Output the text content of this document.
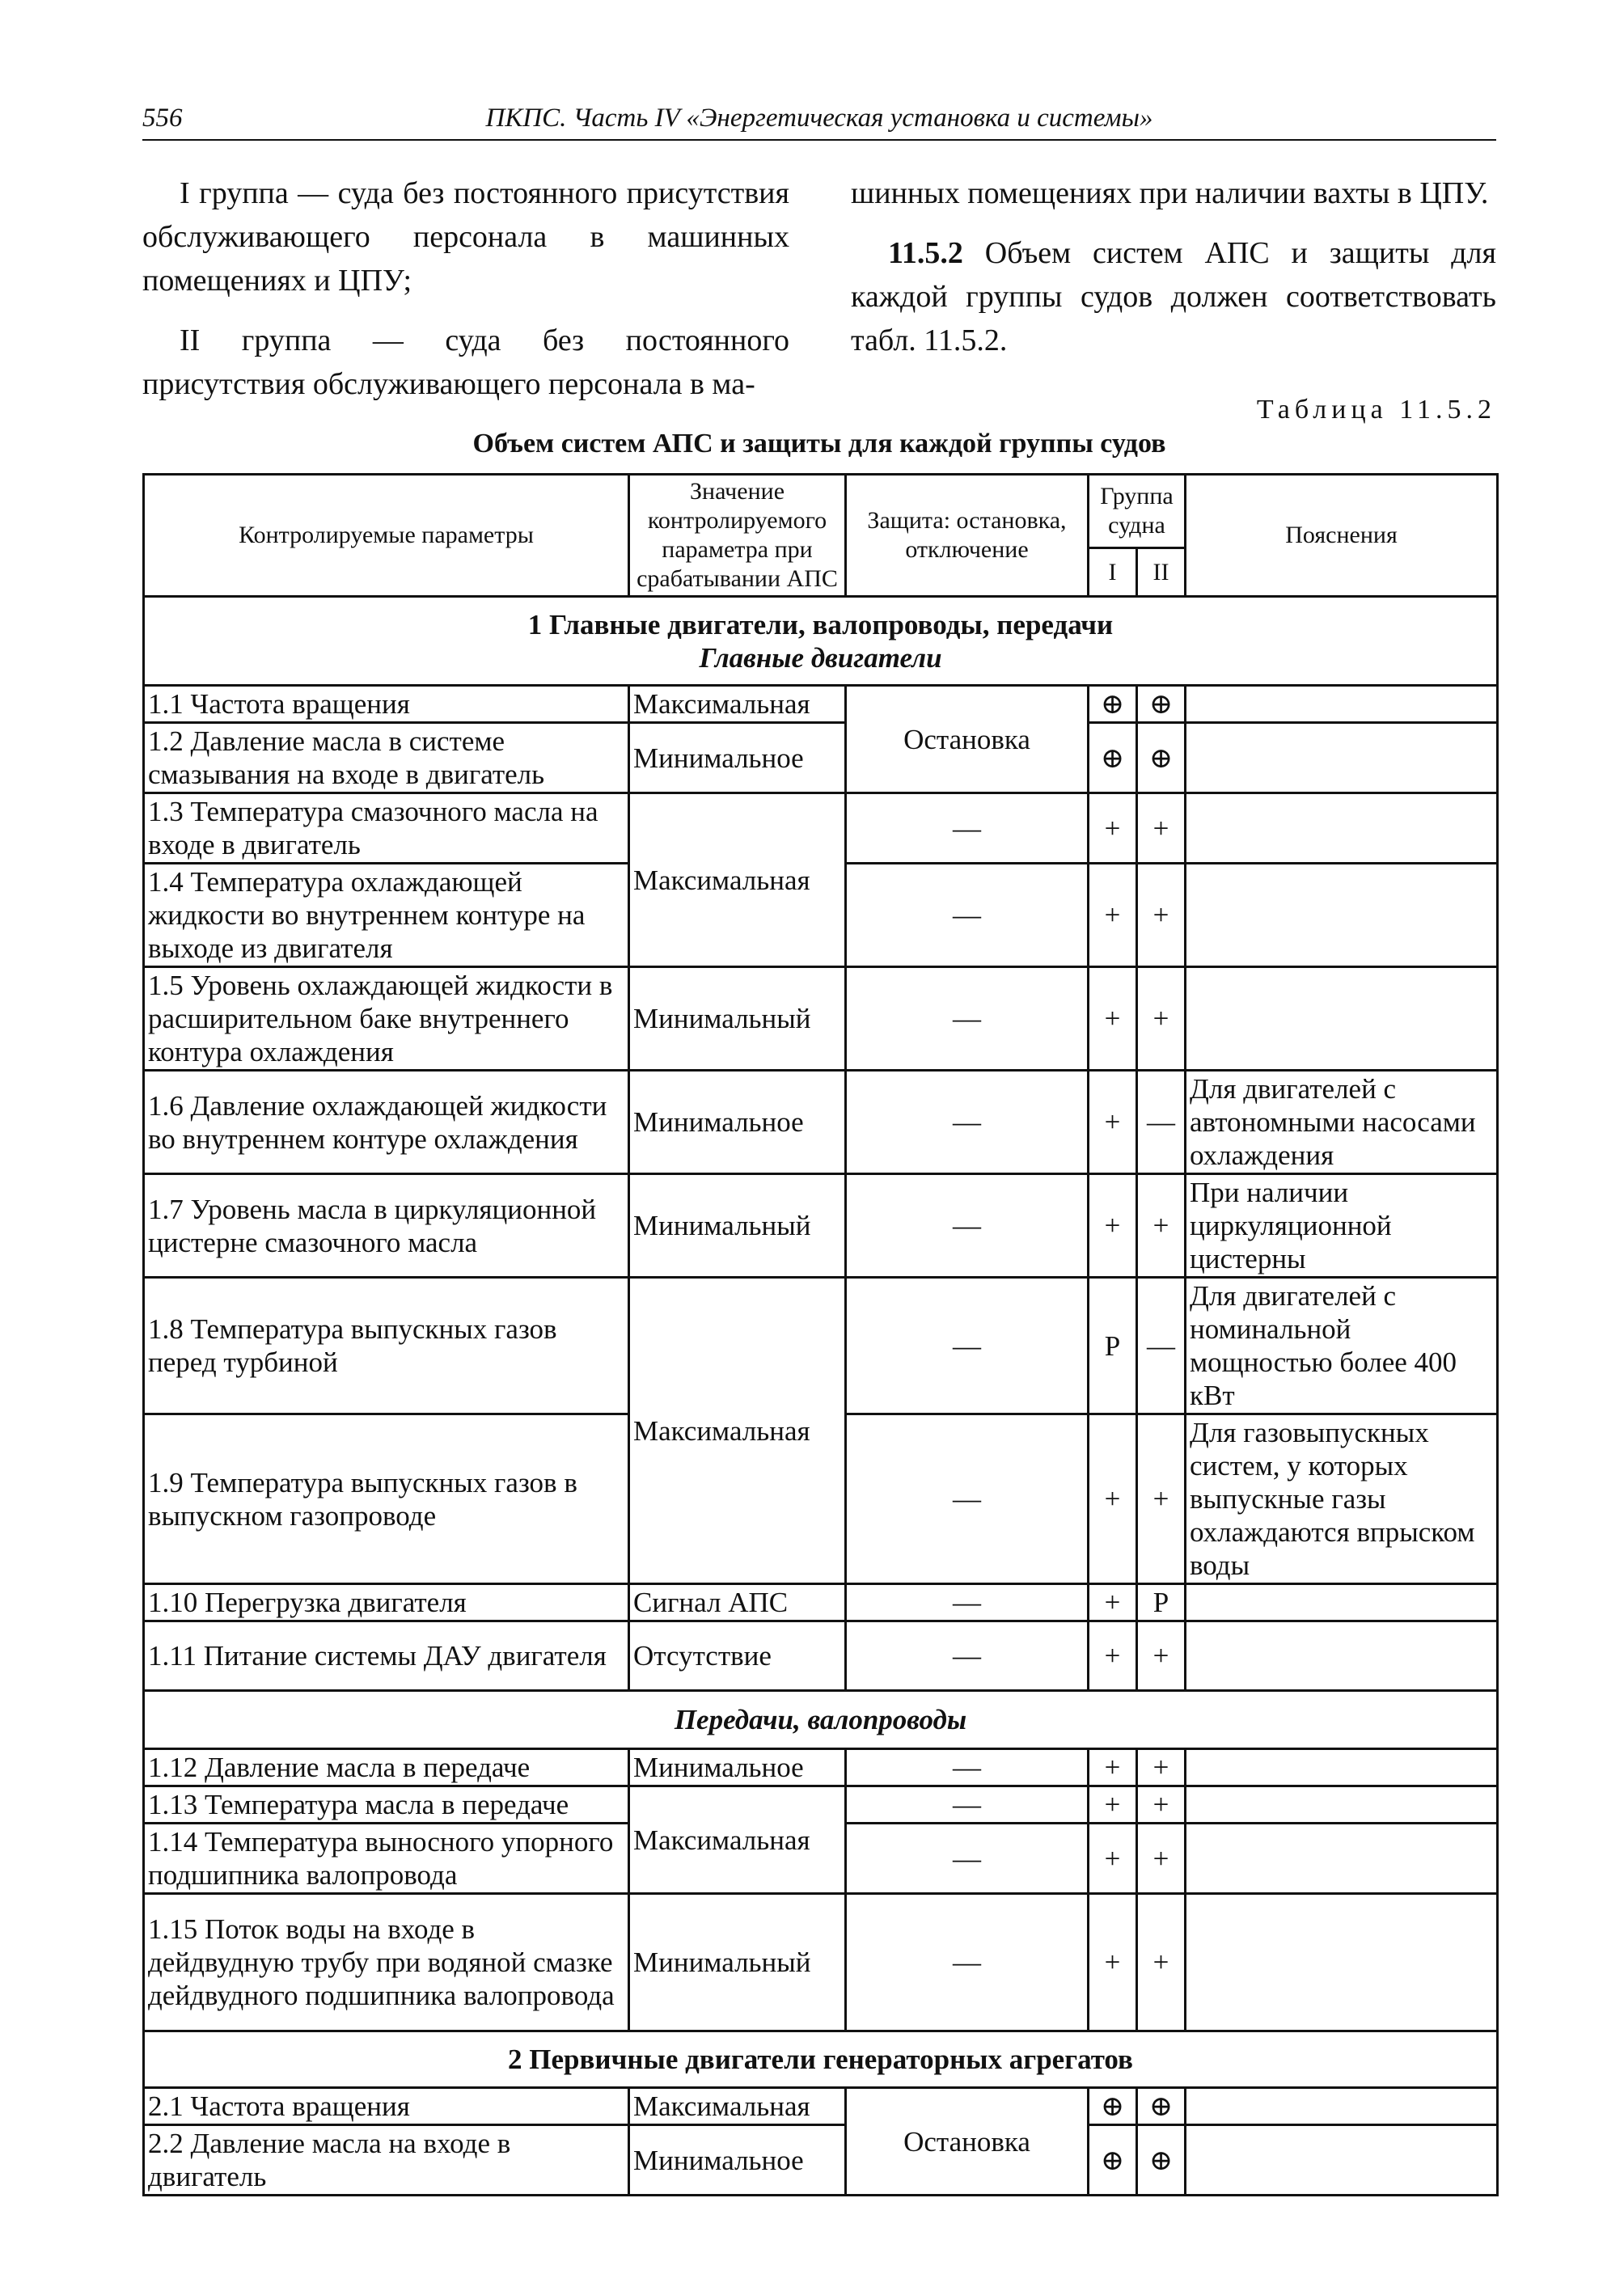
556	ПКПС. Часть IV «Энергетическая установка и системы»

I группа — суда без постоянного присутствия обслуживающего персонала в машинных помещениях и ЦПУ;

II группа — суда без постоянного присутствия обслуживающего персонала в ма-

шинных помещениях при наличии вахты в ЦПУ.

11.5.2 Объем систем АПС и защиты для каждой группы судов должен соответствовать табл. 11.5.2.

Таблица 11.5.2
Объем систем АПС и защиты для каждой группы судов
Контролируемые параметры	Значение контролируемого параметра при срабатывании АПС	Защита: остановка, отключение	Группа судна		Пояснения
			I	II	

1 Главные двигатели, валопроводы, передачи
Главные двигатели					

1.1 Частота вращения	Максимальная	Остановка	⊕	⊕	
1.2 Давление масла в системе смазывания на входе в двигатель	Минимальное		⊕	⊕	
1.3 Температура смазочного масла на входе в двигатель	Максимальная	—	+	+	
1.4 Температура охлаждающей жидкости во внутреннем контуре на выходе из двигателя		—	+	+	
1.5 Уровень охлаждающей жидкости в расширительном баке внутреннего контура охлаждения	Минимальный	—	+	+	
1.6 Давление охлаждающей жидкости во внутреннем контуре охлаждения	Минимальное	—	+	—	Для двигателей с автономными насосами охлаждения
1.7 Уровень масла в циркуляционной цистерне смазочного масла	Минимальный	—	+	+	При наличии циркуляционной цистерны
1.8 Температура выпускных газов перед турбиной	Максимальная	—	Р	—	Для двигателей с номинальной мощностью более 400 кВт
1.9 Температура выпускных газов в выпускном газопроводе		—	+	+	Для газовыпускных систем, у которых выпускные газы охлаждаются впрыском воды
1.10 Перегрузка двигателя	Сигнал АПС	—	+	Р	
1.11 Питание системы ДАУ двигателя	Отсутствие	—	+	+	
Передачи, валопроводы					
1.12 Давление масла в передаче	Минимальное	—	+	+	
1.13 Температура масла в передаче	Максимальная	—	+	+	
1.14 Температура выносного упорного подшипника валопровода		—	+	+	
1.15 Поток воды на входе в дейдвудную трубу при водяной смазке дейдвудного подшипника валопровода	Минимальный	—	+	+	
2 Первичные двигатели генераторных агрегатов					
2.1 Частота вращения	Максимальная	Остановка	⊕	⊕	
2.2 Давление масла на входе в двигатель	Минимальное		⊕	⊕	
